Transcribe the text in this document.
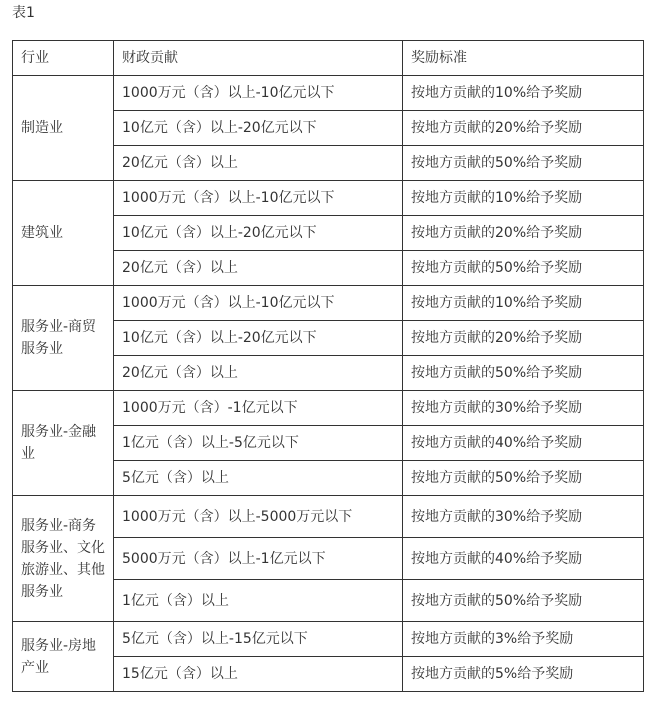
表1
行业	财政贡献	奖励标准
制造业	1000万元（含）以上-10亿元以下	按地方贡献的10%给予奖励
	10亿元（含）以上-20亿元以下	按地方贡献的20%给予奖励
	20亿元（含）以上	按地方贡献的50%给予奖励
建筑业	1000万元（含）以上-10亿元以下	按地方贡献的10%给予奖励
	10亿元（含）以上-20亿元以下	按地方贡献的20%给予奖励
	20亿元（含）以上	按地方贡献的50%给予奖励
服务业-商贸服务业	1000万元（含）以上-10亿元以下	按地方贡献的10%给予奖励
	10亿元（含）以上-20亿元以下	按地方贡献的20%给予奖励
	20亿元（含）以上	按地方贡献的50%给予奖励
服务业-金融业	1000万元（含）-1亿元以下	按地方贡献的30%给予奖励
	1亿元（含）以上-5亿元以下	按地方贡献的40%给予奖励
	5亿元（含）以上	按地方贡献的50%给予奖励
服务业-商务服务业、文化旅游业、其他服务业	1000万元（含）以上-5000万元以下	按地方贡献的30%给予奖励
	5000万元（含）以上-1亿元以下	按地方贡献的40%给予奖励
	1亿元（含）以上	按地方贡献的50%给予奖励
服务业-房地产业	5亿元（含）以上-15亿元以下	按地方贡献的3%给予奖励
	15亿元（含）以上	按地方贡献的5%给予奖励
